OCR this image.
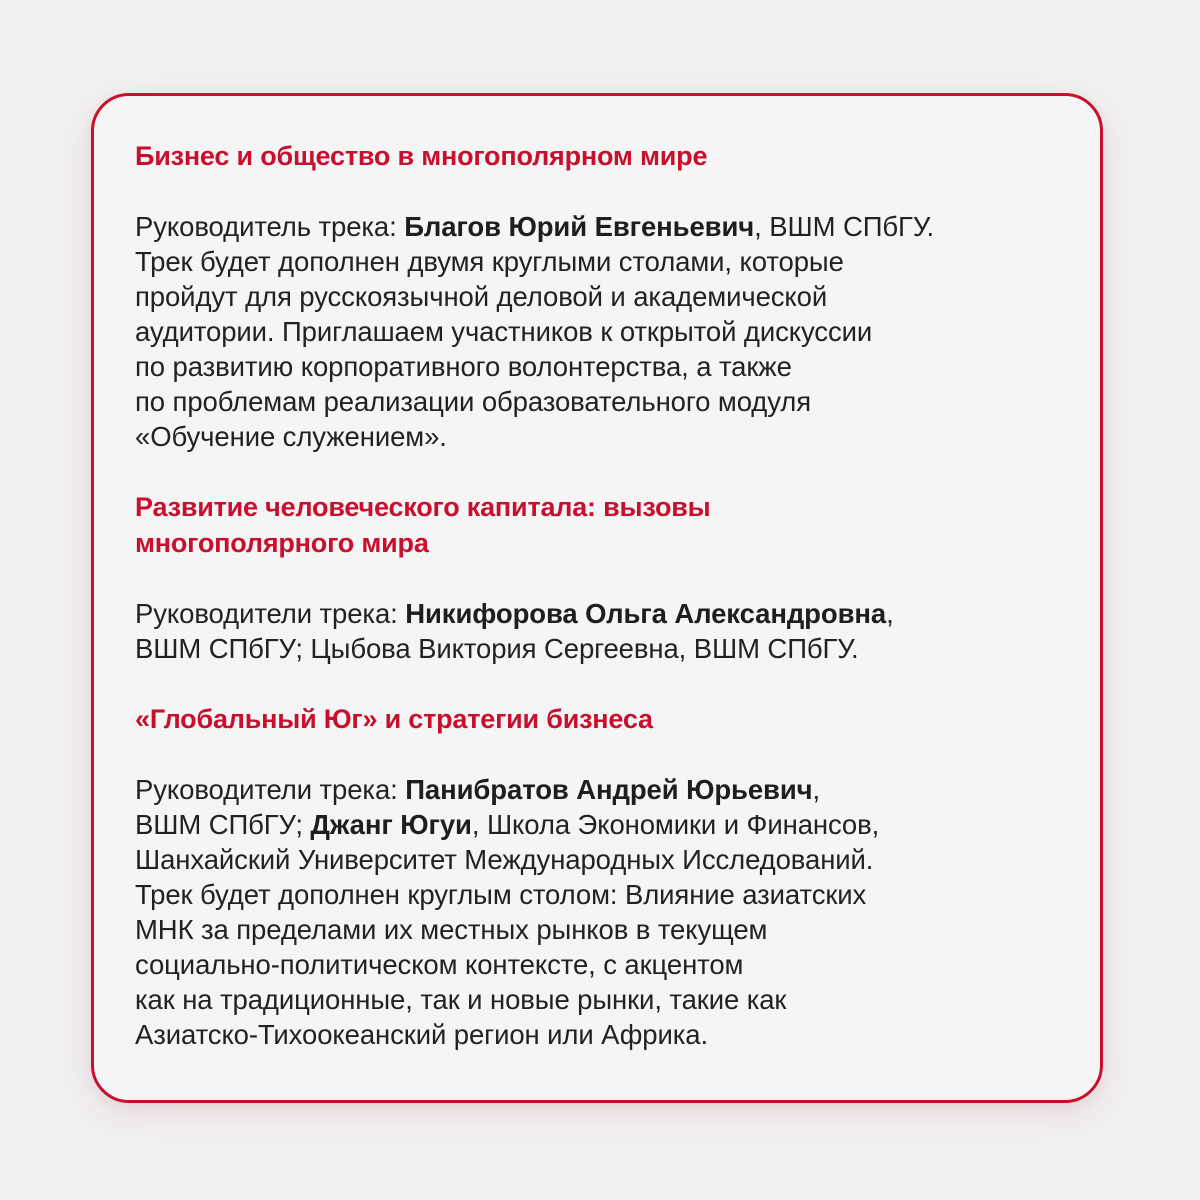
Бизнес и общество в многополярном мире

Руководитель трека: Благов Юрий Евгеньевич, ВШМ СПбГУ.
Трек будет дополнен двумя круглыми столами, которые
пройдут для русскоязычной деловой и академической
аудитории. Приглашаем участников к открытой дискуссии
по развитию корпоративного волонтерства, а также
по проблемам реализации образовательного модуля
«Обучение служением».

Развитие человеческого капитала: вызовы
многополярного мира

Руководители трека: Никифорова Ольга Александровна,
ВШМ СПбГУ; Цыбова Виктория Сергеевна, ВШМ СПбГУ.

«Глобальный Юг» и стратегии бизнеса

Руководители трека: Панибратов Андрей Юрьевич,
ВШМ СПбГУ; Джанг Югуи, Школа Экономики и Финансов,
Шанхайский Университет Международных Исследований.
Трек будет дополнен круглым столом: Влияние азиатских
МНК за пределами их местных рынков в текущем
социально-политическом контексте, с акцентом
как на традиционные, так и новые рынки, такие как
Азиатско-Тихоокеанский регион или Африка.
